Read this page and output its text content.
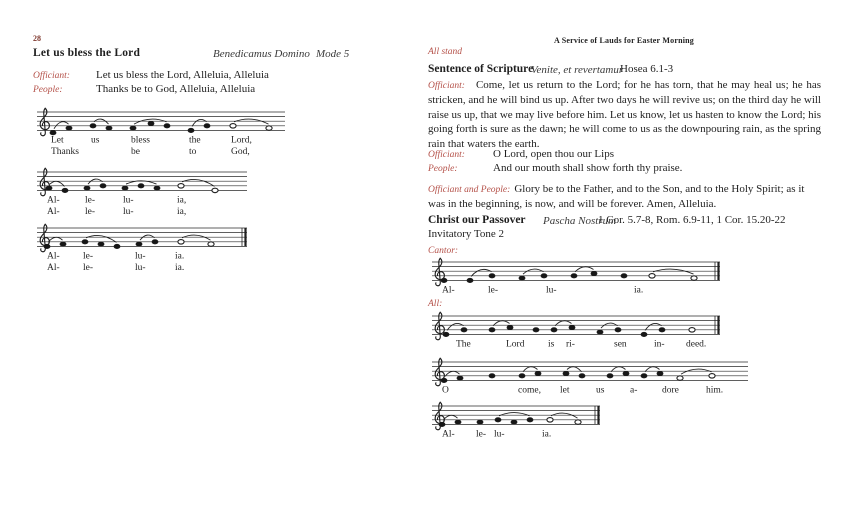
28
Let us bless the Lord	Benedicamus Domino Mode 5
Officiant: Let us bless the Lord, Alleluia, Alleluia
People:	Thanks be to God, Alleluia, Alleluia
Let	us	bless	the	Lord,
Thanks	be	to	God,
Al-	le-	lu-	ia,
Al-	le-	lu-	ia,
Al- le-	lu-	ia.
Al- le-	lu-	ia.
A Service of Lauds for Easter Morning
All stand
Sentence of Scripture
Venite, et revertamur
Hosea 6.1-3
Officiant: Come, let us return to the Lord; for he has torn, that he may heal us; he has stricken, and he will bind us up. After two days he will revive us; on the third day he will raise us up, that we may live before him. Let us know, let us hasten to know the Lord; his going forth is sure as the dawn; he will come to us as the downpouring rain, as the spring rain that waters the earth.
Officiant:	O Lord, open thou our Lips
People:	And our mouth shall show forth thy praise.
Officiant and People: Glory be to the Father, and to the Son, and to the Holy Spirit; as it was in the beginning, is now, and will be forever. Amen, Alleluia.
Christ our Passover Pascha Nostrum
1 Cor. 5.7-8, Rom. 6.9-11, 1 Cor. 15.20-22
Invitatory Tone 2
Cantor:
Al-	le-	lu-	ia.
All:
The	Lord is ri-	sen	in- deed.
O	come, let	us	a-	dore	him.
Al- le- lu-	ia.
